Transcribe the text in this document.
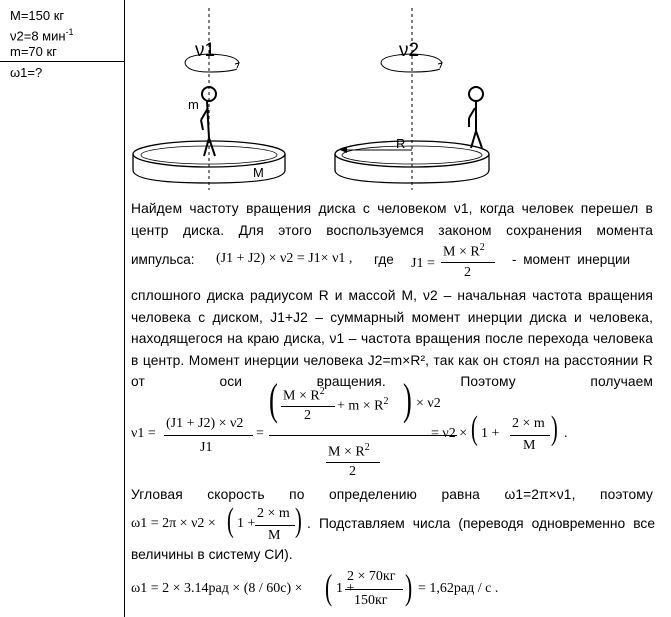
M=150 кг
ν2=8 мин$^{-1}$
m=70 кг
ω1=?
ν1	ν2
M
m
R
Найдем частоту вращения диска с человеком ν1, когда человек перешел в центр диска. Для этого воспользуемся законом сохранения момента
импульса: (J1 + J2) × ν2 = J1× ν1 , где J1 =
$M \times R^2$
2
- момент инерции
сплошного диска радиусом R и массой M, ν2 – начальная частота вращения человека с диском, J1+J2 – суммарный момент инерции диска и человека, находящегося на краю диска, ν1 – частота вращения после перехода человека в центр. Момент инерции человека J2=m×R², так как он стоял на расстоянии R от оси вращения. Поэтому получаем
ν1 =
(J1 + J2) × ν2
J1
=
( $M \times R^2$
2
+ $m \times R^2$ ) × ν2
$M \times R^2$
2
= ν2 × ( 1 +
2 × m
M ) .
Угловая скорость по определению равна ω1=2π×ν1, поэтому
ω1 = 2π × ν2 × ( 1 +
2 × m
M ) . Подставляем числа (переводя одновременно все
величины в систему СИ).
ω1 = 2 × 3.14рад × (8 / 60с) × ( 1 +
2 × 70кг
150кг ) = 1,62рад / с .
